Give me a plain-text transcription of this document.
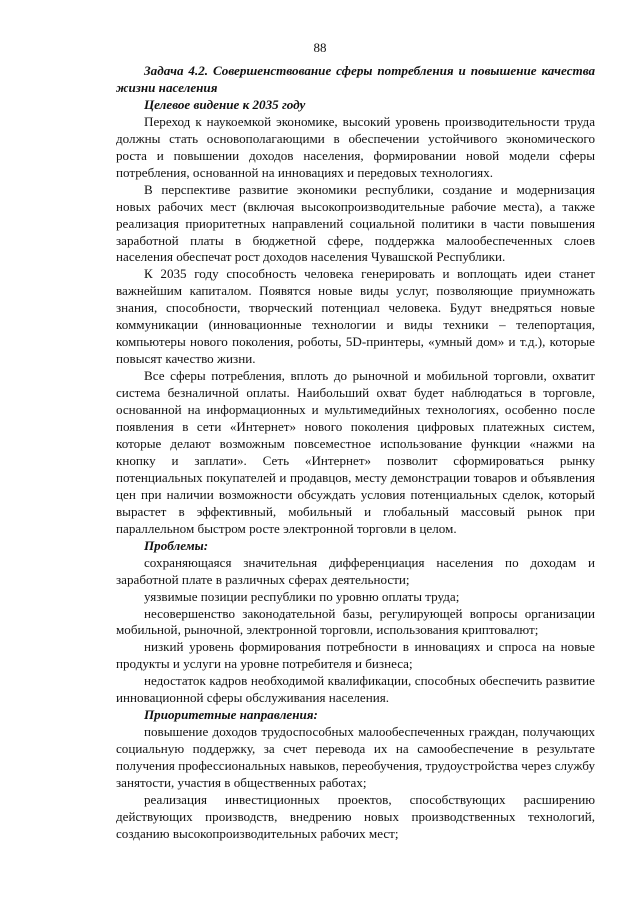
88

Задача 4.2. Совершенствование сферы потребления и повышение качества жизни населения

Целевое видение к 2035 году

Переход к наукоемкой экономике, высокий уровень производительности труда должны стать основополагающими в обеспечении устойчивого экономического роста и повышении доходов населения, формировании новой модели сферы потребления, основанной на инновациях и передовых технологиях.

В перспективе развитие экономики республики, создание и модернизация новых рабочих мест (включая высокопроизводительные рабочие места), а также реализация приоритетных направлений социальной политики в части повышения заработной платы в бюджетной сфере, поддержка малообеспеченных слоев населения обеспечат рост доходов населения Чувашской Республики.

К 2035 году способность человека генерировать и воплощать идеи станет важнейшим капиталом. Появятся новые виды услуг, позволяющие приумножать знания, способности, творческий потенциал человека. Будут внедряться новые коммуникации (инновационные технологии и виды техники – телепортация, компьютеры нового поколения, роботы, 5D-принтеры, «умный дом» и т.д.), которые повысят качество жизни.

Все сферы потребления, вплоть до рыночной и мобильной торговли, охватит система безналичной оплаты. Наибольший охват будет наблюдаться в торговле, основанной на информационных и мультимедийных технологиях, особенно после появления в сети «Интернет» нового поколения цифровых платежных систем, которые делают возможным повсеместное использование функции «нажми на кнопку и заплати». Сеть «Интернет» позволит сформироваться рынку потенциальных покупателей и продавцов, месту демонстрации товаров и объявления цен при наличии возможности обсуждать условия потенциальных сделок, который вырастет в эффективный, мобильный и глобальный массовый рынок при параллельном быстром росте электронной торговли в целом.

Проблемы:

сохраняющаяся значительная дифференциация населения по доходам и заработной плате в различных сферах деятельности;

уязвимые позиции республики по уровню оплаты труда;

несовершенство законодательной базы, регулирующей вопросы организации мобильной, рыночной, электронной торговли, использования криптовалют;

низкий уровень формирования потребности в инновациях и спроса на новые продукты и услуги на уровне потребителя и бизнеса;

недостаток кадров необходимой квалификации, способных обеспечить развитие инновационной сферы обслуживания населения.

Приоритетные направления:

повышение доходов трудоспособных малообеспеченных граждан, получающих социальную поддержку, за счет перевода их на самообеспечение в результате получения профессиональных навыков, переобучения, трудоустройства через службу занятости, участия в общественных работах;

реализация инвестиционных проектов, способствующих расширению действующих производств, внедрению новых производственных технологий, созданию высокопроизводительных рабочих мест;
